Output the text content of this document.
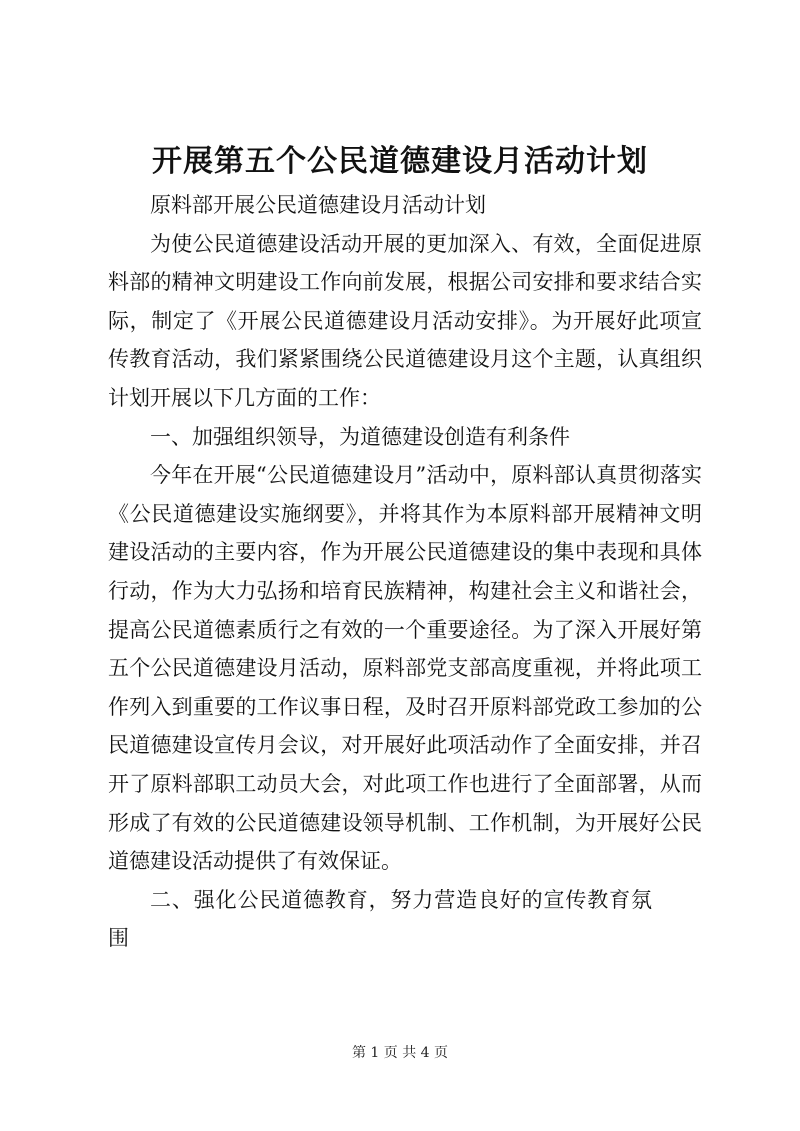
开展第五个公民道德建设月活动计划

原料部开展公民道德建设月活动计划

为使公民道德建设活动开展的更加深入、有效，全面促进原料部的精神文明建设工作向前发展，根据公司安排和要求结合实际，制定了《开展公民道德建设月活动安排》。为开展好此项宣传教育活动，我们紧紧围绕公民道德建设月这个主题，认真组织计划开展以下几方面的工作：

一、加强组织领导，为道德建设创造有利条件

今年在开展“公民道德建设月”活动中，原料部认真贯彻落实《公民道德建设实施纲要》，并将其作为本原料部开展精神文明建设活动的主要内容，作为开展公民道德建设的集中表现和具体行动，作为大力弘扬和培育民族精神，构建社会主义和谐社会，提高公民道德素质行之有效的一个重要途径。为了深入开展好第五个公民道德建设月活动，原料部党支部高度重视，并将此项工作列入到重要的工作议事日程，及时召开原料部党政工参加的公民道德建设宣传月会议，对开展好此项活动作了全面安排，并召开了原料部职工动员大会，对此项工作也进行了全面部署，从而形成了有效的公民道德建设领导机制、工作机制，为开展好公民道德建设活动提供了有效保证。

二、强化公民道德教育，努力营造良好的宣传教育氛围

第 1 页 共 4 页
